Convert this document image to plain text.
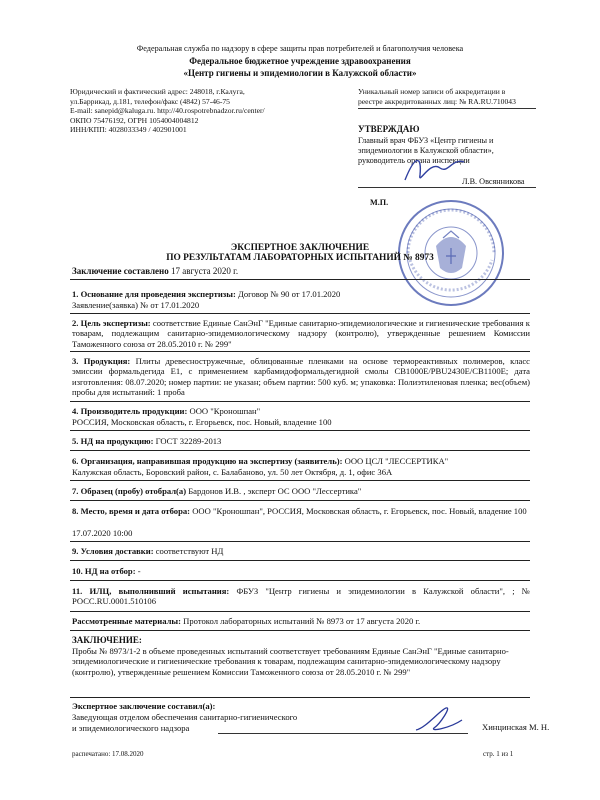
Федеральная служба по надзору в сфере защиты прав потребителей и благополучия человека
Федеральное бюджетное учреждение здравоохранения
«Центр гигиены и эпидемиологии в Калужской области»
Юридический и фактический адрес: 248018, г.Калуга,
ул.Баррикад, д.181, телефон/факс (4842) 57-46-75
E-mail: sanepid@kaluga.ru. http://40.rospotrebnadzor.ru/center/
ОКПО 75476192, ОГРН 1054004004812
ИНН/КПП: 4028033349 / 402901001
Уникальный номер записи об аккредитации в
реестре аккредитованных лиц: № RA.RU.710043
УТВЕРЖДАЮ
Главный врач ФБУЗ «Центр гигиены и
эпидемиологии в Калужской области»,
руководитель органа инспекции
Л.В. Овсянникова
М.П.
ЭКСПЕРТНОЕ ЗАКЛЮЧЕНИЕ
ПО РЕЗУЛЬТАТАМ ЛАБОРАТОРНЫХ ИСПЫТАНИЙ № 8973
Заключение составлено 17 августа 2020 г.
1. Основание для проведения экспертизы: Договор № 90 от 17.01.2020
Заявление(заявка) № от 17.01.2020
2. Цель экспертизы: соответствие Единые СанЭнГ "Единые санитарно-эпидемиологические и гигиенические требования к товарам, подлежащим санитарно-эпидемиологическому надзору (контролю), утвержденные решением Комиссии Таможенного союза от 28.05.2010 г. № 299"
3. Продукция: Плиты древесностружечные, облицованные пленками на основе термореактивных полимеров, класс эмиссии формальдегида Е1, с применением карбамидоформальдегидной смолы CB1000E/PBU2430E/CB1100E; дата изготовления: 08.07.2020; номер партии: не указан; объем партии: 500 куб. м; упаковка: Полиэтиленовая пленка; вес(объем) пробы для испытаний: 1 проба
4. Производитель продукции: ООО "Кроношпан"
РОССИЯ, Московская область, г. Егорьевск, пос. Новый, владение 100
5. НД на продукцию: ГОСТ 32289-2013
6. Организация, направившая продукцию на экспертизу (заявитель): ООО ЦСЛ "ЛЕССЕРТИКА"
Калужская область, Боровский район, с. Балабаново, ул. 50 лет Октября, д. 1, офис 36А
7. Образец (пробу) отобрал(а) Бардонов И.В. , эксперт ОС ООО "Лессертика"
8. Место, время и дата отбора: ООО "Кроношпан", РОССИЯ, Московская область, г. Егорьевск, пос. Новый, владение 100
17.07.2020 10:00
9. Условия доставки: соответствуют НД
10. НД на отбор: -
11. ИЛЦ, выполнивший испытания: ФБУЗ "Центр гигиены и эпидемиологии в Калужской области", ; № РОСС.RU.0001.510106
Рассмотренные материалы: Протокол лабораторных испытаний № 8973 от 17 августа 2020 г.
ЗАКЛЮЧЕНИЕ:
Пробы № 8973/1-2 в объеме проведенных испытаний соответствует требованиям Единые СанЭнГ "Единые санитарно-эпидемиологические и гигиенические требования к товарам, подлежащим санитарно-эпидемиологическому надзору (контролю), утвержденные решением Комиссии Таможенного союза от 28.05.2010 г. № 299"
Экспертное заключение составил(а):
Заведующая отделом обеспечения санитарно-гигиенического
и эпидемиологического надзора	Хинцинская М. Н.
распечатано: 17.08.2020	стр. 1 из 1
